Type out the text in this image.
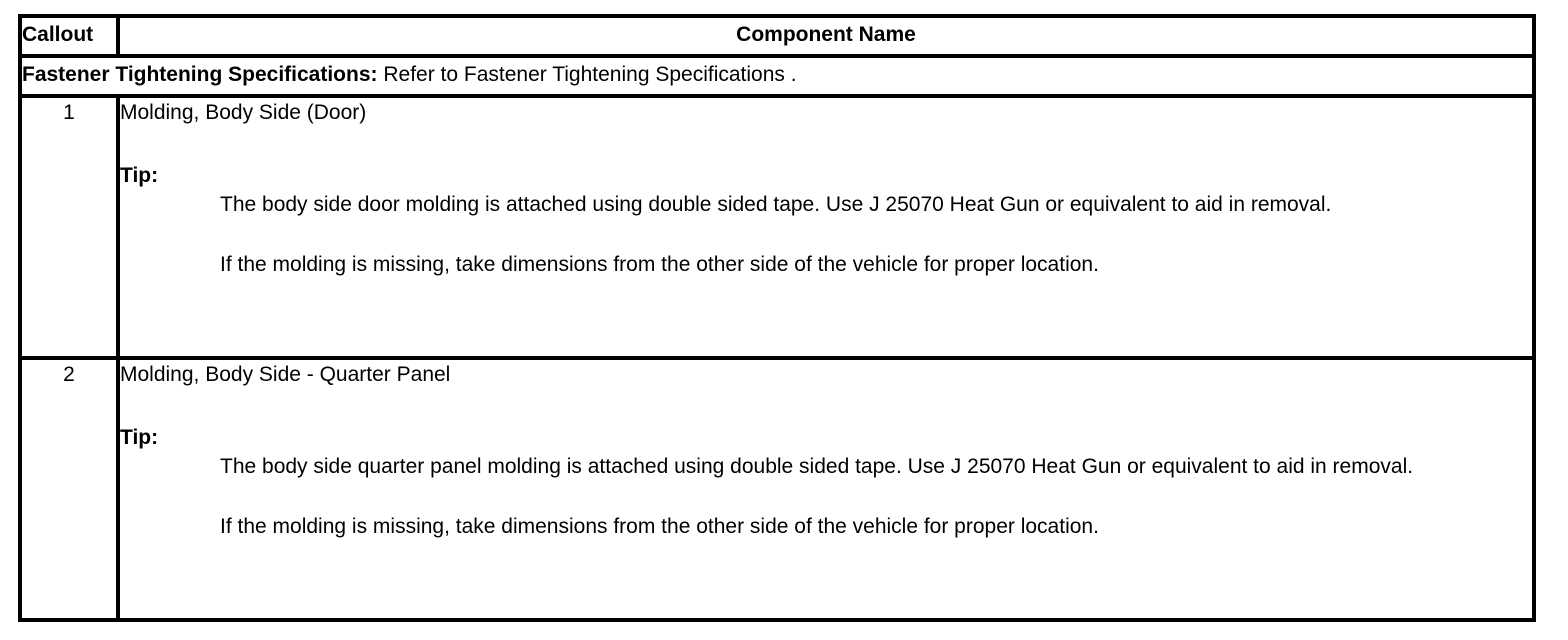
Callout	Component Name
Fastener Tightening Specifications: Refer to Fastener Tightening Specifications .	
1	Molding, Body Side (Door)
Tip:

The body side door molding is attached using double sided tape. Use J 25070 Heat Gun or equivalent to aid in removal.

If the molding is missing, take dimensions from the other side of the vehicle for proper location.

2	Molding, Body Side - Quarter Panel
Tip:

The body side quarter panel molding is attached using double sided tape. Use J 25070 Heat Gun or equivalent to aid in removal.

If the molding is missing, take dimensions from the other side of the vehicle for proper location.
